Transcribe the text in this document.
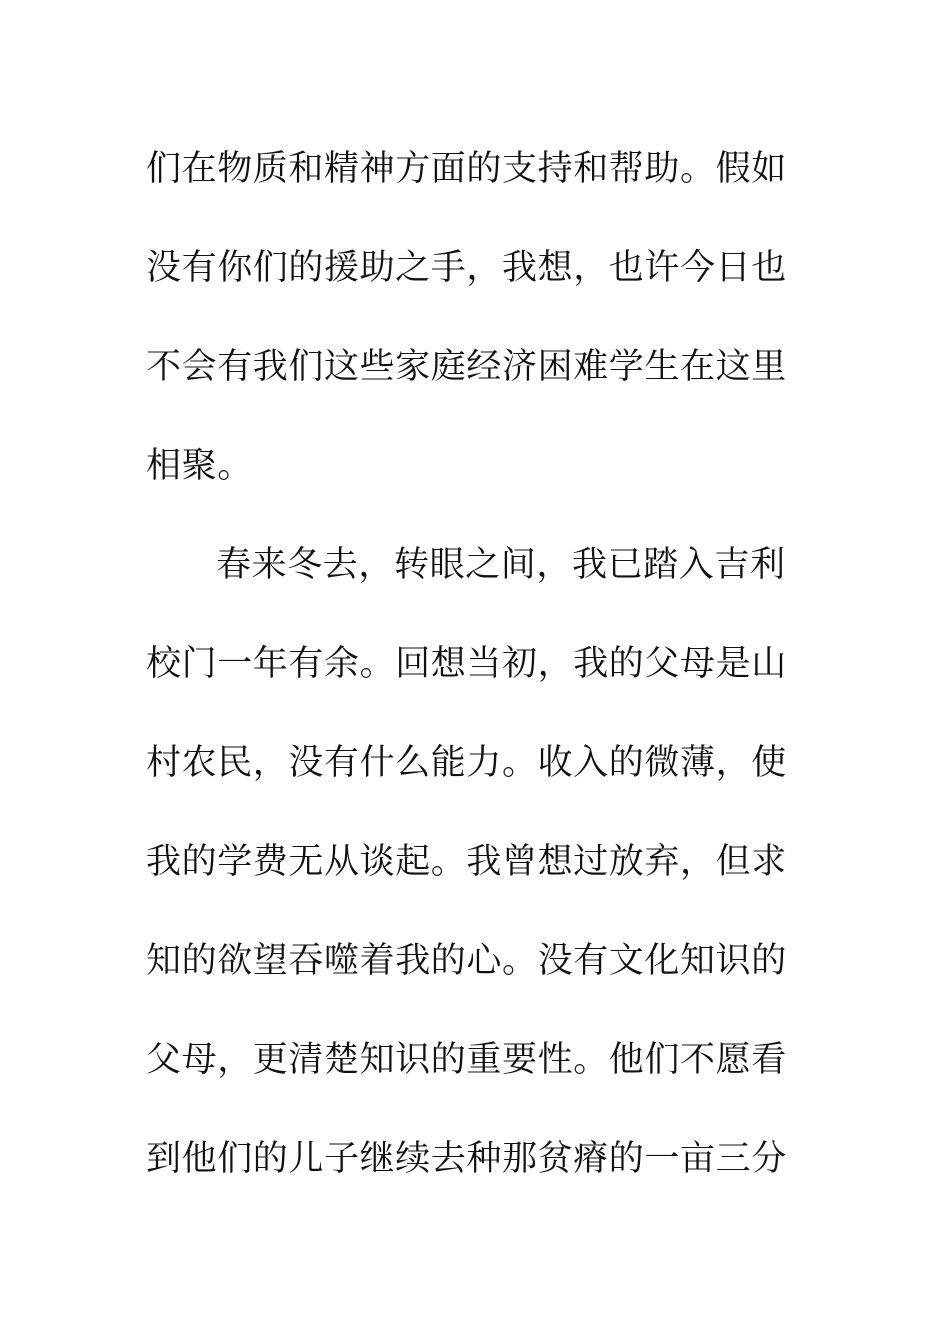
们在物质和精神方面的支持和帮助。假如
没有你们的援助之手，我想，也许今日也
不会有我们这些家庭经济困难学生在这里
相聚。
春来冬去，转眼之间，我已踏入吉利
校门一年有余。回想当初，我的父母是山
村农民，没有什么能力。收入的微薄，使
我的学费无从谈起。我曾想过放弃，但求
知的欲望吞噬着我的心。没有文化知识的
父母，更清楚知识的重要性。他们不愿看
到他们的儿子继续去种那贫瘠的一亩三分
